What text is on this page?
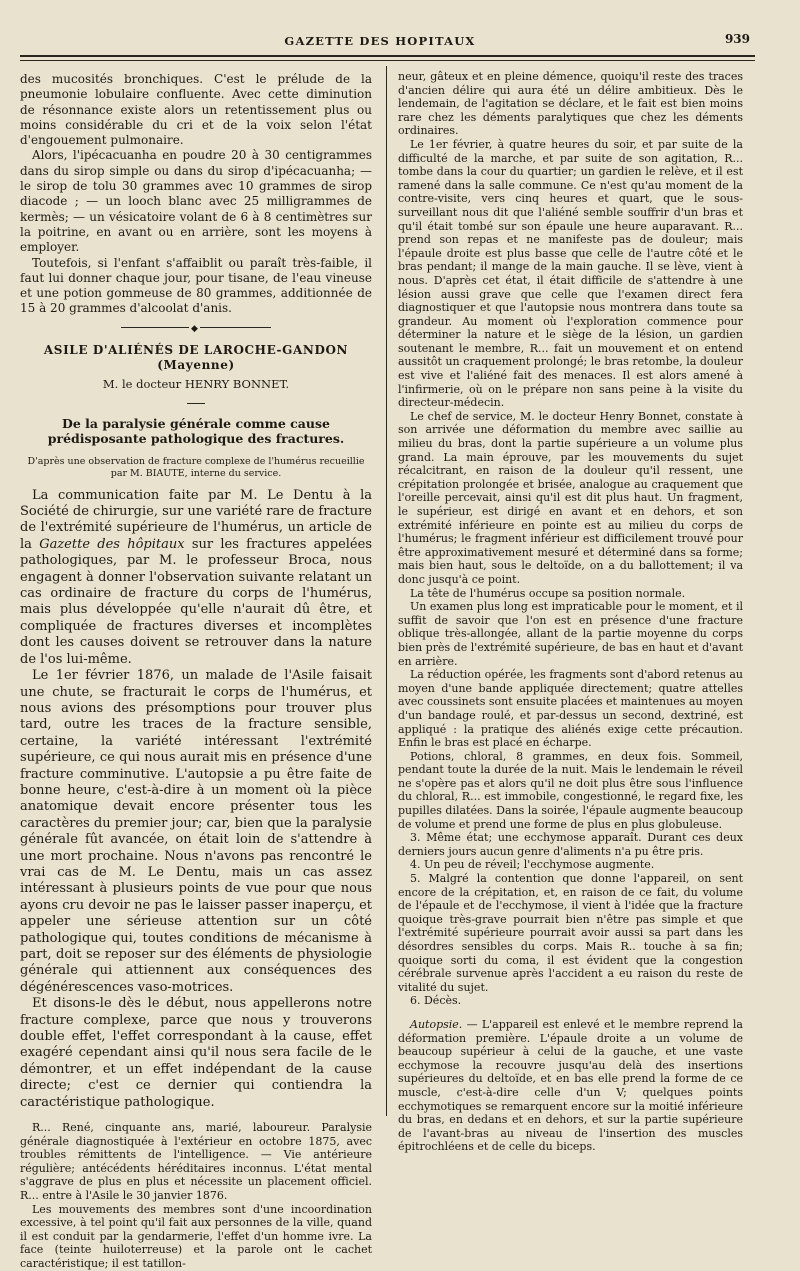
GAZETTE DES HOPITAUX	939

des mucosités bronchiques. C'est le prélude de la pneumonie lobulaire confluente. Avec cette diminution de résonnance existe alors un retentissement plus ou moins considérable du cri et de la voix selon l'état d'engouement pulmonaire.

Alors, l'ipécacuanha en poudre 20 à 30 centigrammes dans du sirop simple ou dans du sirop d'ipécacuanha; — le sirop de tolu 30 grammes avec 10 grammes de sirop diacode ; — un looch blanc avec 25 milligrammes de kermès; — un vésicatoire volant de 6 à 8 centimètres sur la poitrine, en avant ou en arrière, sont les moyens à employer.

Toutefois, si l'enfant s'affaiblit ou paraît très-faible, il faut lui donner chaque jour, pour tisane, de l'eau vineuse et une potion gommeuse de 80 grammes, additionnée de 15 à 20 grammes d'alcoolat d'anis.

◆
ASILE D'ALIÉNÉS DE LAROCHE-GANDON (Mayenne)
M. le docteur HENRY BONNET.
De la paralysie générale comme cause prédisposante pathologique des fractures.
D'après une observation de fracture complexe de l'humérus recueillie par M. BIAUTE, interne du service.

La communication faite par M. Le Dentu à la Société de chirurgie, sur une variété rare de fracture de l'extrémité supérieure de l'humérus, un article de la Gazette des hôpitaux sur les fractures appelées pathologiques, par M. le professeur Broca, nous engagent à donner l'observation suivante relatant un cas ordinaire de fracture du corps de l'humérus, mais plus développée qu'elle n'aurait dû être, et compliquée de fractures diverses et incomplètes dont les causes doivent se retrouver dans la nature de l'os lui-même.

Le 1er février 1876, un malade de l'Asile faisait une chute, se fracturait le corps de l'humérus, et nous avions des présomptions pour trouver plus tard, outre les traces de la fracture sensible, certaine, la variété intéressant l'extrémité supérieure, ce qui nous aurait mis en présence d'une fracture comminutive. L'autopsie a pu être faite de bonne heure, c'est-à-dire à un moment où la pièce anatomique devait encore présenter tous les caractères du premier jour; car, bien que la paralysie générale fût avancée, on était loin de s'attendre à une mort prochaine. Nous n'avons pas rencontré le vrai cas de M. Le Dentu, mais un cas assez intéressant à plusieurs points de vue pour que nous ayons cru devoir ne pas le laisser passer inaperçu, et appeler une sérieuse attention sur un côté pathologique qui, toutes conditions de mécanisme à part, doit se reposer sur des éléments de physiologie générale qui attiennent aux conséquences des dégénérescences vaso-motrices.

Et disons-le dès le début, nous appellerons notre fracture complexe, parce que nous y trouverons double effet, l'effet correspondant à la cause, effet exagéré cependant ainsi qu'il nous sera facile de le démontrer, et un effet indépendant de la cause directe; c'est ce dernier qui contiendra la caractéristique pathologique.

R... René, cinquante ans, marié, laboureur. Paralysie générale diagnostiquée à l'extérieur en octobre 1875, avec troubles rémittents de l'intelligence. — Vie antérieure régulière; antécédents héréditaires inconnus. L'état mental s'aggrave de plus en plus et nécessite un placement officiel. R... entre à l'Asile le 30 janvier 1876.

Les mouvements des membres sont d'une incoordination excessive, à tel point qu'il fait aux personnes de la ville, quand il est conduit par la gendarmerie, l'effet d'un homme ivre. La face (teinte huiloterreuse) et la parole ont le cachet caractéristique; il est tatillon-

neur, gâteux et en pleine démence, quoiqu'il reste des traces d'ancien délire qui aura été un délire ambitieux. Dès le lendemain, de l'agitation se déclare, et le fait est bien moins rare chez les déments paralytiques que chez les déments ordinaires.

Le 1er février, à quatre heures du soir, et par suite de la difficulté de la marche, et par suite de son agitation, R... tombe dans la cour du quartier; un gardien le relève, et il est ramené dans la salle commune. Ce n'est qu'au moment de la contre-visite, vers cinq heures et quart, que le sous-surveillant nous dit que l'aliéné semble souffrir d'un bras et qu'il était tombé sur son épaule une heure auparavant. R... prend son repas et ne manifeste pas de douleur; mais l'épaule droite est plus basse que celle de l'autre côté et le bras pendant; il mange de la main gauche. Il se lève, vient à nous. D'après cet état, il était difficile de s'attendre à une lésion aussi grave que celle que l'examen direct fera diagnostiquer et que l'autopsie nous montrera dans toute sa grandeur. Au moment où l'exploration commence pour déterminer la nature et le siège de la lésion, un gardien soutenant le membre, R... fait un mouvement et on entend aussitôt un craquement prolongé; le bras retombe, la douleur est vive et l'aliéné fait des menaces. Il est alors amené à l'infirmerie, où on le prépare non sans peine à la visite du directeur-médecin.

Le chef de service, M. le docteur Henry Bonnet, constate à son arrivée une déformation du membre avec saillie au milieu du bras, dont la partie supérieure a un volume plus grand. La main éprouve, par les mouvements du sujet récalcitrant, en raison de la douleur qu'il ressent, une crépitation prolongée et brisée, analogue au craquement que l'oreille percevait, ainsi qu'il est dit plus haut. Un fragment, le supérieur, est dirigé en avant et en dehors, et son extrémité inférieure en pointe est au milieu du corps de l'humérus; le fragment inférieur est difficilement trouvé pour être approximativement mesuré et déterminé dans sa forme; mais bien haut, sous le deltoïde, on a du ballottement; il va donc jusqu'à ce point.

La tête de l'humérus occupe sa position normale.

Un examen plus long est impraticable pour le moment, et il suffit de savoir que l'on est en présence d'une fracture oblique très-allongée, allant de la partie moyenne du corps bien près de l'extrémité supérieure, de bas en haut et d'avant en arrière.

La réduction opérée, les fragments sont d'abord retenus au moyen d'une bande appliquée directement; quatre attelles avec coussinets sont ensuite placées et maintenues au moyen d'un bandage roulé, et par-dessus un second, dextriné, est appliqué : la pratique des aliénés exige cette précaution. Enfin le bras est placé en écharpe.

Potions, chloral, 8 grammes, en deux fois. Sommeil, pendant toute la durée de la nuit. Mais le lendemain le réveil ne s'opère pas et alors qu'il ne doit plus être sous l'influence du chloral, R... est immobile, congestionné, le regard fixe, les pupilles dilatées. Dans la soirée, l'épaule augmente beaucoup de volume et prend une forme de plus en plus globuleuse.

3. Même état; une ecchymose apparaît. Durant ces deux derniers jours aucun genre d'aliments n'a pu être pris.

4. Un peu de réveil; l'ecchymose augmente.

5. Malgré la contention que donne l'appareil, on sent encore de la crépitation, et, en raison de ce fait, du volume de l'épaule et de l'ecchymose, il vient à l'idée que la fracture quoique très-grave pourrait bien n'être pas simple et que l'extrémité supérieure pourrait avoir aussi sa part dans les désordres sensibles du corps. Mais R.. touche à sa fin; quoique sorti du coma, il est évident que la congestion cérébrale survenue après l'accident a eu raison du reste de vitalité du sujet.

6. Décès.

Autopsie. — L'appareil est enlevé et le membre reprend la déformation première. L'épaule droite a un volume de beaucoup supérieur à celui de la gauche, et une vaste ecchymose la recouvre jusqu'au delà des insertions supérieures du deltoïde, et en bas elle prend la forme de ce muscle, c'est-à-dire celle d'un V; quelques points ecchymotiques se remarquent encore sur la moitié inférieure du bras, en dedans et en dehors, et sur la partie supérieure de l'avant-bras au niveau de l'insertion des muscles épitrochléens et de celle du biceps.
